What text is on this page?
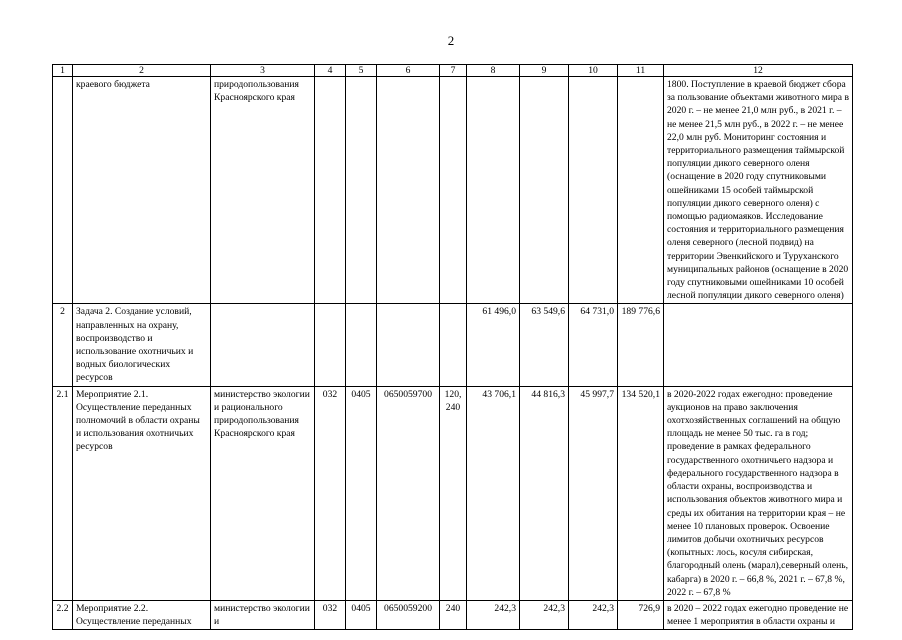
2
1	2	3	4	5	6	7	8	9	10	11	12
	краевого бюджета	природопользования Красноярского края									1800. Поступление в краевой бюджет сбора за пользование объектами животного мира в 2020 г. – не менее 21,0 млн руб., в 2021 г. – не менее 21,5 млн руб., в 2022 г. – не менее 22,0 млн руб. Мониторинг состояния и территориального размещения таймырской популяции дикого северного оленя (оснащение в 2020 году спутниковыми ошейниками 15 особей таймырской популяции дикого северного оленя) с помощью радиомаяков. Исследование состояния и территориального размещения оленя северного (лесной подвид) на территории Эвенкийского и Туруханского муниципальных районов (оснащение в 2020 году спутниковыми ошейниками 10 особей лесной популяции дикого северного оленя)
2	Задача 2. Создание условий, направленных на охрану, воспроизводство и использование охотничьих и водных биологических ресурсов						61 496,0	63 549,6	64 731,0	189 776,6	
2.1	Мероприятие 2.1. Осуществление переданных полномочий в области охраны и использования охотничьих ресурсов	министерство экологии и рационального природопользования Красноярского края	032	0405	0650059700	120, 240	43 706,1	44 816,3	45 997,7	134 520,1	в 2020-2022 годах ежегодно: проведение аукционов на право заключения охотхозяйственных соглашений на общую площадь не менее 50 тыс. га в год; проведение в рамках федерального государственного охотничьего надзора и федерального государственного надзора в области охраны, воспроизводства и использования объектов животного мира и среды их обитания на территории края – не менее 10 плановых проверок. Освоение лимитов добычи охотничьих ресурсов (копытных: лось, косуля сибирская, благородный олень (марал),северный олень, кабарга) в 2020 г. – 66,8 %, 2021 г. – 67,8 %, 2022 г. – 67,8 %
2.2	Мероприятие 2.2. Осуществление переданных	министерство экологии и	032	0405	0650059200	240	242,3	242,3	242,3	726,9	в 2020 – 2022 годах ежегодно проведение не менее 1 мероприятия в области охраны и
